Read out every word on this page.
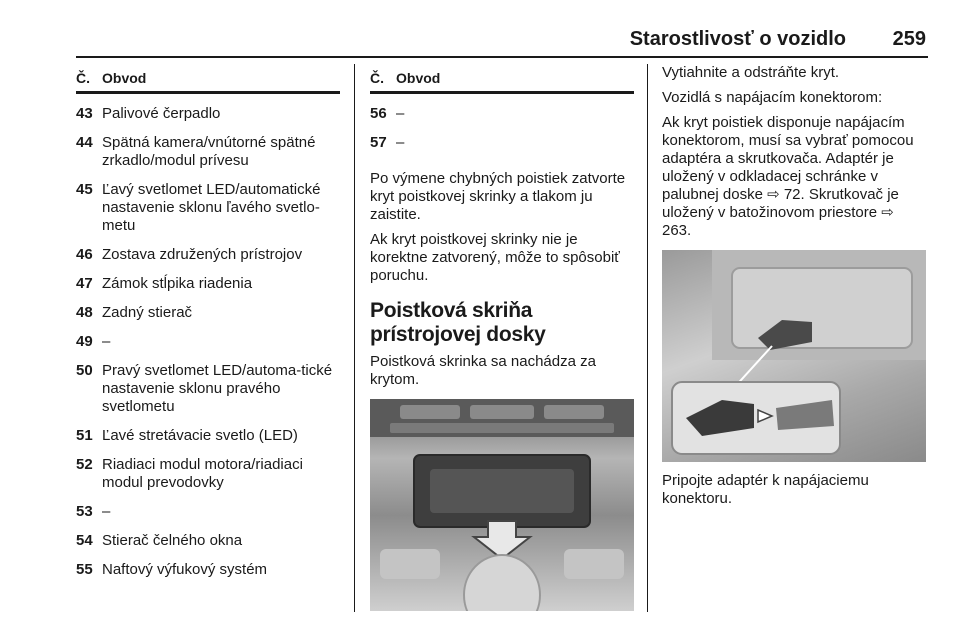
Starostlivosť o vozidlo 259
Č. Obvod
43 Palivové čerpadlo
44 Spätná kamera/vnútorné spätné zrkadlo/modul prívesu
45 Ľavý svetlomet LED/automatické nastavenie sklonu ľavého svetlo-metu
46 Zostava združených prístrojov
47 Zámok stĺpika riadenia
48 Zadný stierač
49 –
50 Pravý svetlomet LED/automa-tické nastavenie sklonu pravého svetlometu
51 Ľavé stretávacie svetlo (LED)
52 Riadiaci modul motora/riadiaci modul prevodovky
53 –
54 Stierač čelného okna
55 Naftový výfukový systém
Č. Obvod
56 –
57 –

Po výmene chybných poistiek zatvorte kryt poistkovej skrinky a tlakom ju zaistite.

Ak kryt poistkovej skrinky nie je korektne zatvorený, môže to spôsobiť poruchu.

Poistková skriňa prístrojovej dosky

Poistková skrinka sa nachádza za krytom.

Vytiahnite a odstráňte kryt.

Vozidlá s napájacím konektorom:

Ak kryt poistiek disponuje napájacím konektorom, musí sa vybrať pomocou adaptéra a skrutkovača. Adaptér je uložený v odkladacej schránke v palubnej doske ⇨ 72. Skrutkovač je uložený v batožinovom priestore ⇨ 263.

Pripojte adaptér k napájaciemu konektoru.
